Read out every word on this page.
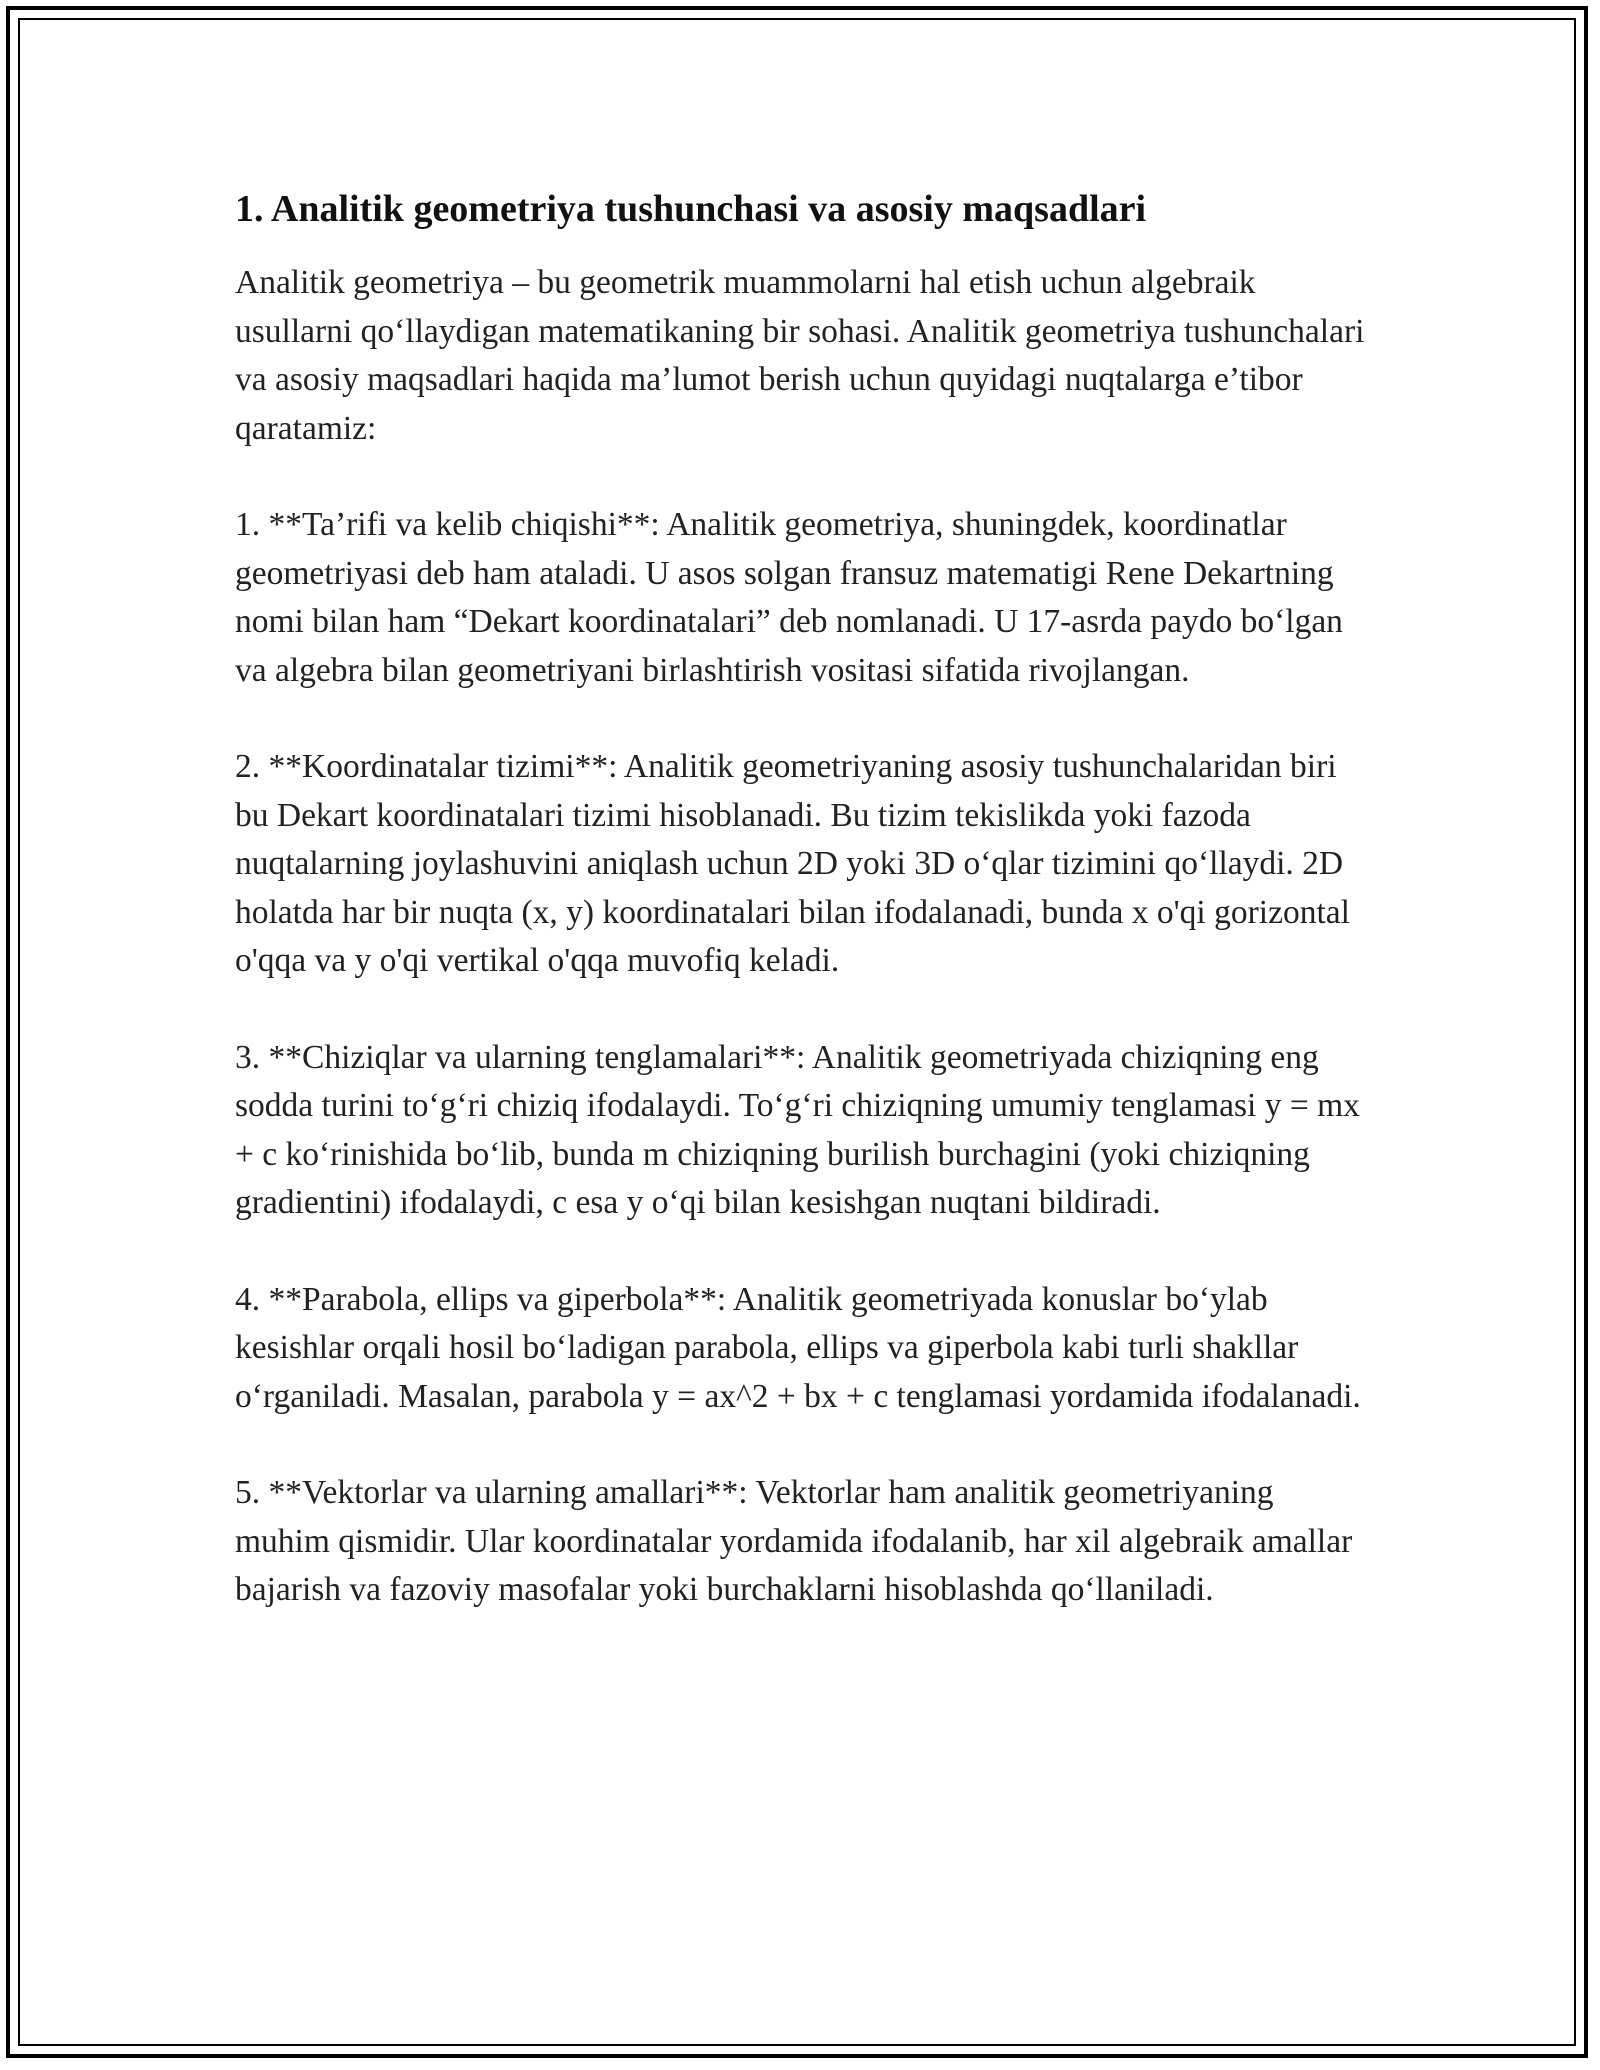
1. Analitik geometriya tushunchasi va asosiy maqsadlari

Analitik geometriya – bu geometrik muammolarni hal etish uchun algebraik usullarni qo‘llaydigan matematikaning bir sohasi. Analitik geometriya tushunchalari va asosiy maqsadlari haqida ma’lumot berish uchun quyidagi nuqtalarga e’tibor qaratamiz:

1. **Ta’rifi va kelib chiqishi**: Analitik geometriya, shuningdek, koordinatlar geometriyasi deb ham ataladi. U asos solgan fransuz matematigi Rene Dekartning nomi bilan ham “Dekart koordinatalari” deb nomlanadi. U 17-asrda paydo bo‘lgan va algebra bilan geometriyani birlashtirish vositasi sifatida rivojlangan.

2. **Koordinatalar tizimi**: Analitik geometriyaning asosiy tushunchalaridan biri bu Dekart koordinatalari tizimi hisoblanadi. Bu tizim tekislikda yoki fazoda nuqtalarning joylashuvini aniqlash uchun 2D yoki 3D o‘qlar tizimini qo‘llaydi. 2D holatda har bir nuqta (x, y) koordinatalari bilan ifodalanadi, bunda x o'qi gorizontal o'qqa va y o'qi vertikal o'qqa muvofiq keladi.

3. **Chiziqlar va ularning tenglamalari**: Analitik geometriyada chiziqning eng sodda turini to‘g‘ri chiziq ifodalaydi. To‘g‘ri chiziqning umumiy tenglamasi y = mx + c ko‘rinishida bo‘lib, bunda m chiziqning burilish burchagini (yoki chiziqning gradientini) ifodalaydi, c esa y o‘qi bilan kesishgan nuqtani bildiradi.

4. **Parabola, ellips va giperbola**: Analitik geometriyada konuslar bo‘ylab kesishlar orqali hosil bo‘ladigan parabola, ellips va giperbola kabi turli shakllar o‘rganiladi. Masalan, parabola y = ax^2 + bx + c tenglamasi yordamida ifodalanadi.

5. **Vektorlar va ularning amallari**: Vektorlar ham analitik geometriyaning muhim qismidir. Ular koordinatalar yordamida ifodalanib, har xil algebraik amallar bajarish va fazoviy masofalar yoki burchaklarni hisoblashda qo‘llaniladi.
